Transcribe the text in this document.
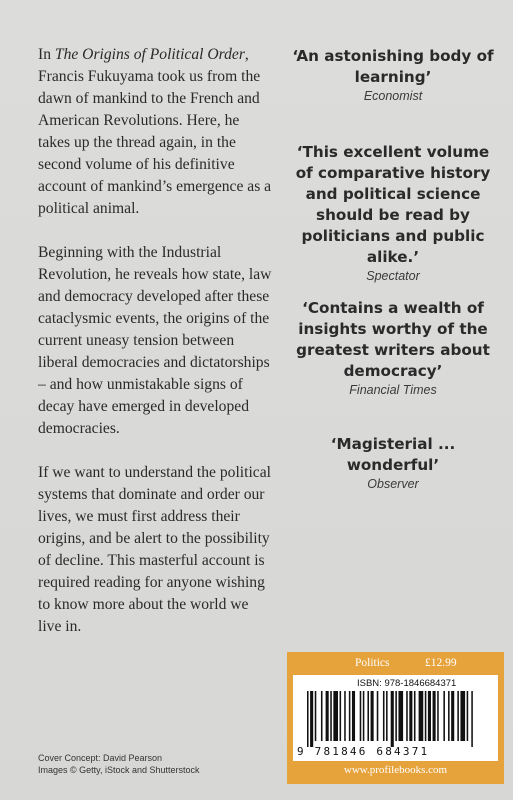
In The Origins of Political Order, Francis Fukuyama took us from the dawn of mankind to the French and American Revolutions. Here, he takes up the thread again, in the second volume of his definitive account of mankind’s emergence as a political animal.

Beginning with the Industrial Revolution, he reveals how state, law and democracy developed after these cataclysmic events, the origins of the current uneasy tension between liberal democracies and dictatorships – and how unmistakable signs of decay have emerged in developed democracies.

If we want to understand the political systems that dominate and order our lives, we must first address their origins, and be alert to the possibility of decline. This masterful account is required reading for anyone wishing to know more about the world we live in.

‘An astonishing body of learning’
Economist
‘This excellent volume of comparative history and political science should be read by politicians and public alike.’
Spectator
‘Contains a wealth of insights worthy of the greatest writers about democracy’
Financial Times
‘Magisterial ... wonderful’
Observer
Politics	£12.99
ISBN: 978-1846684371
9 781846 684371
www.profilebooks.com
Cover Concept: David Pearson
Images © Getty, iStock and Shutterstock
